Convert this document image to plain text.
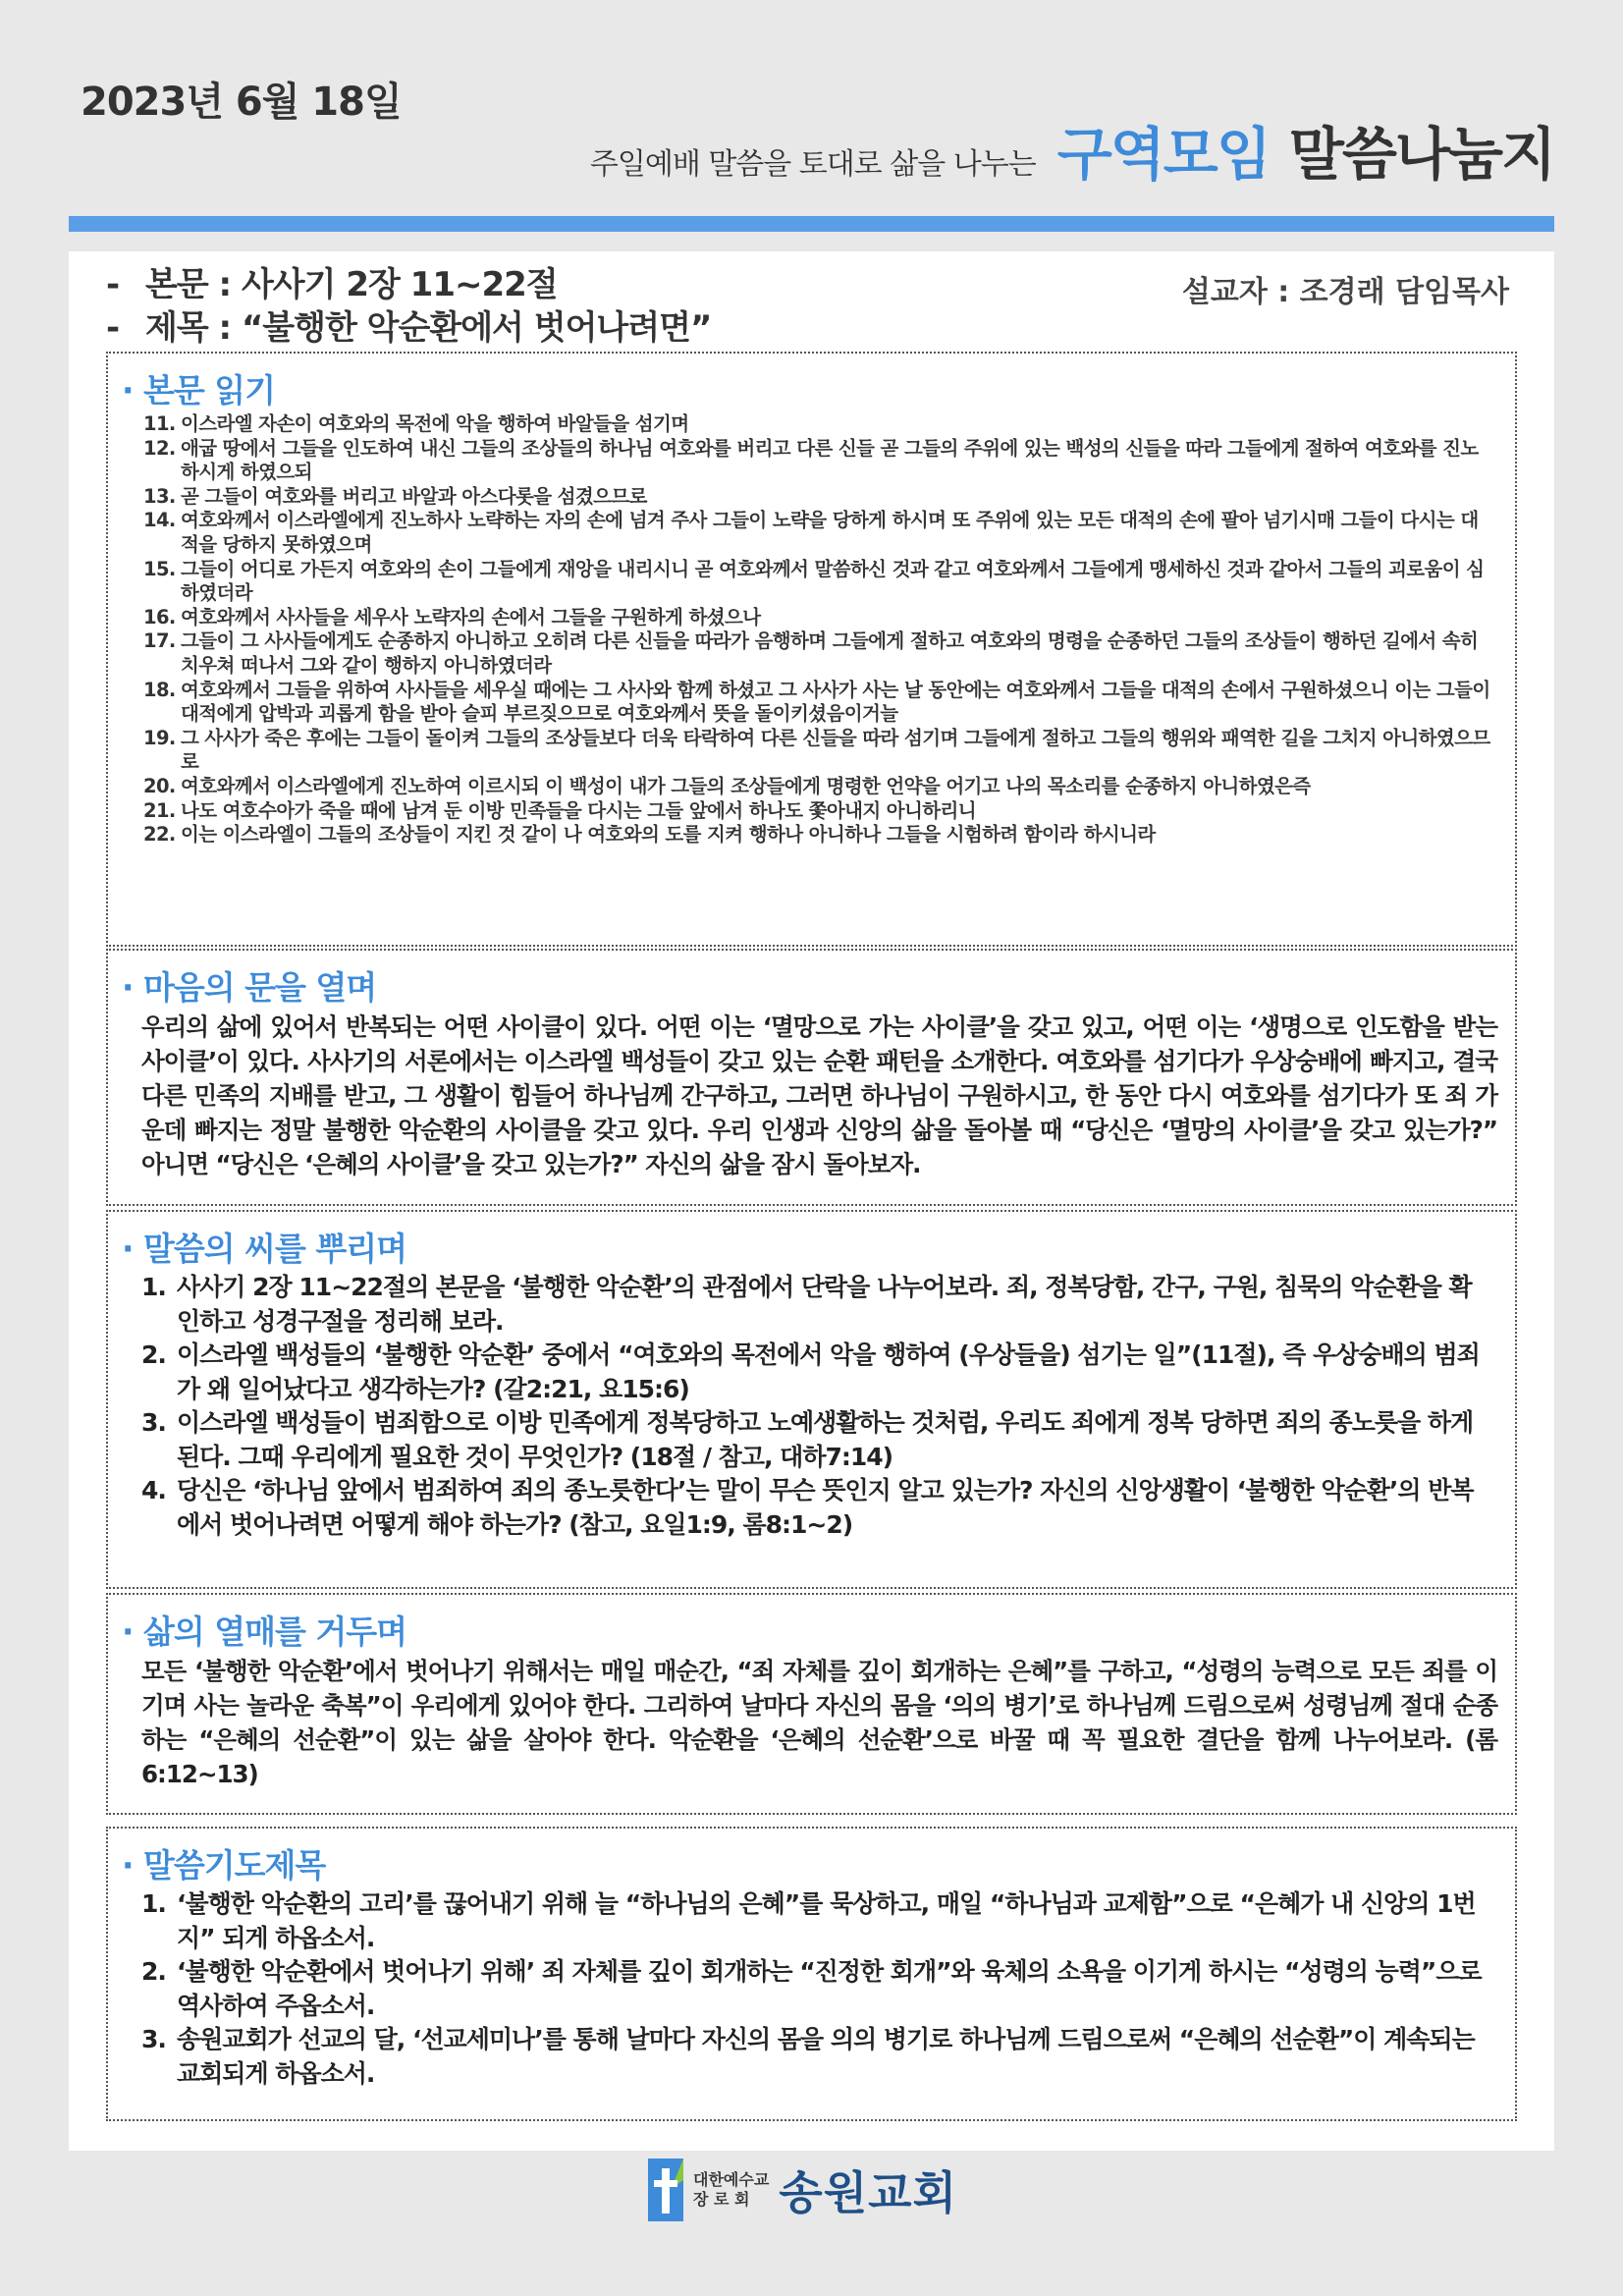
2023년 6월 18일
주일예배 말씀을 토대로 삶을 나누는 구역모임 말씀나눔지
- 본문 : 사사기 2장 11~22절
- 제목 : “불행한 악순환에서 벗어나려면”
설교자 : 조경래 담임목사
· 본문 읽기
11. 이스라엘 자손이 여호와의 목전에 악을 행하여 바알들을 섬기며
12. 애굽 땅에서 그들을 인도하여 내신 그들의 조상들의 하나님 여호와를 버리고 다른 신들 곧 그들의 주위에 있는 백성의 신들을 따라 그들에게 절하여 여호와를 진노하시게 하였으되
13. 곧 그들이 여호와를 버리고 바알과 아스다롯을 섬겼으므로
14. 여호와께서 이스라엘에게 진노하사 노략하는 자의 손에 넘겨 주사 그들이 노략을 당하게 하시며 또 주위에 있는 모든 대적의 손에 팔아 넘기시매 그들이 다시는 대적을 당하지 못하였으며
15. 그들이 어디로 가든지 여호와의 손이 그들에게 재앙을 내리시니 곧 여호와께서 말씀하신 것과 같고 여호와께서 그들에게 맹세하신 것과 같아서 그들의 괴로움이 심하였더라
16. 여호와께서 사사들을 세우사 노략자의 손에서 그들을 구원하게 하셨으나
17. 그들이 그 사사들에게도 순종하지 아니하고 오히려 다른 신들을 따라가 음행하며 그들에게 절하고 여호와의 명령을 순종하던 그들의 조상들이 행하던 길에서 속히 치우쳐 떠나서 그와 같이 행하지 아니하였더라
18. 여호와께서 그들을 위하여 사사들을 세우실 때에는 그 사사와 함께 하셨고 그 사사가 사는 날 동안에는 여호와께서 그들을 대적의 손에서 구원하셨으니 이는 그들이 대적에게 압박과 괴롭게 함을 받아 슬피 부르짖으므로 여호와께서 뜻을 돌이키셨음이거늘
19. 그 사사가 죽은 후에는 그들이 돌이켜 그들의 조상들보다 더욱 타락하여 다른 신들을 따라 섬기며 그들에게 절하고 그들의 행위와 패역한 길을 그치지 아니하였으므로
20. 여호와께서 이스라엘에게 진노하여 이르시되 이 백성이 내가 그들의 조상들에게 명령한 언약을 어기고 나의 목소리를 순종하지 아니하였은즉
21. 나도 여호수아가 죽을 때에 남겨 둔 이방 민족들을 다시는 그들 앞에서 하나도 쫓아내지 아니하리니
22. 이는 이스라엘이 그들의 조상들이 지킨 것 같이 나 여호와의 도를 지켜 행하나 아니하나 그들을 시험하려 함이라 하시니라
· 마음의 문을 열며
우리의 삶에 있어서 반복되는 어떤 사이클이 있다. 어떤 이는 ‘멸망으로 가는 사이클’을 갖고 있고, 어떤 이는 ‘생명으로 인도함을 받는 사이클’이 있다. 사사기의 서론에서는 이스라엘 백성들이 갖고 있는 순환 패턴을 소개한다. 여호와를 섬기다가 우상숭배에 빠지고, 결국 다른 민족의 지배를 받고, 그 생활이 힘들어 하나님께 간구하고, 그러면 하나님이 구원하시고, 한 동안 다시 여호와를 섬기다가 또 죄 가운데 빠지는 정말 불행한 악순환의 사이클을 갖고 있다. 우리 인생과 신앙의 삶을 돌아볼 때 “당신은 ‘멸망의 사이클’을 갖고 있는가?” 아니면 “당신은 ‘은혜의 사이클’을 갖고 있는가?” 자신의 삶을 잠시 돌아보자.
· 말씀의 씨를 뿌리며
1. 사사기 2장 11~22절의 본문을 ‘불행한 악순환’의 관점에서 단락을 나누어보라. 죄, 정복당함, 간구, 구원, 침묵의 악순환을 확인하고 성경구절을 정리해 보라.
2. 이스라엘 백성들의 ‘불행한 악순환’ 중에서 “여호와의 목전에서 악을 행하여 (우상들을) 섬기는 일”(11절), 즉 우상숭배의 범죄가 왜 일어났다고 생각하는가? (갈2:21, 요15:6)
3. 이스라엘 백성들이 범죄함으로 이방 민족에게 정복당하고 노예생활하는 것처럼, 우리도 죄에게 정복 당하면 죄의 종노릇을 하게 된다. 그때 우리에게 필요한 것이 무엇인가? (18절 / 참고, 대하7:14)
4. 당신은 ‘하나님 앞에서 범죄하여 죄의 종노릇한다’는 말이 무슨 뜻인지 알고 있는가? 자신의 신앙생활이 ‘불행한 악순환’의 반복에서 벗어나려면 어떻게 해야 하는가? (참고, 요일1:9, 롬8:1~2)
· 삶의 열매를 거두며
모든 ‘불행한 악순환’에서 벗어나기 위해서는 매일 매순간, “죄 자체를 깊이 회개하는 은혜”를 구하고, “성령의 능력으로 모든 죄를 이기며 사는 놀라운 축복”이 우리에게 있어야 한다. 그리하여 날마다 자신의 몸을 ‘의의 병기’로 하나님께 드림으로써 성령님께 절대 순종하는 “은혜의 선순환”이 있는 삶을 살아야 한다. 악순환을 ‘은혜의 선순환’으로 바꿀 때 꼭 필요한 결단을 함께 나누어보라. (롬6:12~13)
· 말씀기도제목
1. ‘불행한 악순환의 고리’를 끊어내기 위해 늘 “하나님의 은혜”를 묵상하고, 매일 “하나님과 교제함”으로 “은혜가 내 신앙의 1번지” 되게 하옵소서.
2. ‘불행한 악순환에서 벗어나기 위해’ 죄 자체를 깊이 회개하는 “진정한 회개”와 육체의 소욕을 이기게 하시는 “성령의 능력”으로 역사하여 주옵소서.
3. 송원교회가 선교의 달, ‘선교세미나’를 통해 날마다 자신의 몸을 의의 병기로 하나님께 드림으로써 “은혜의 선순환”이 계속되는 교회되게 하옵소서.
대한예수교
장 로 회 송원교회
